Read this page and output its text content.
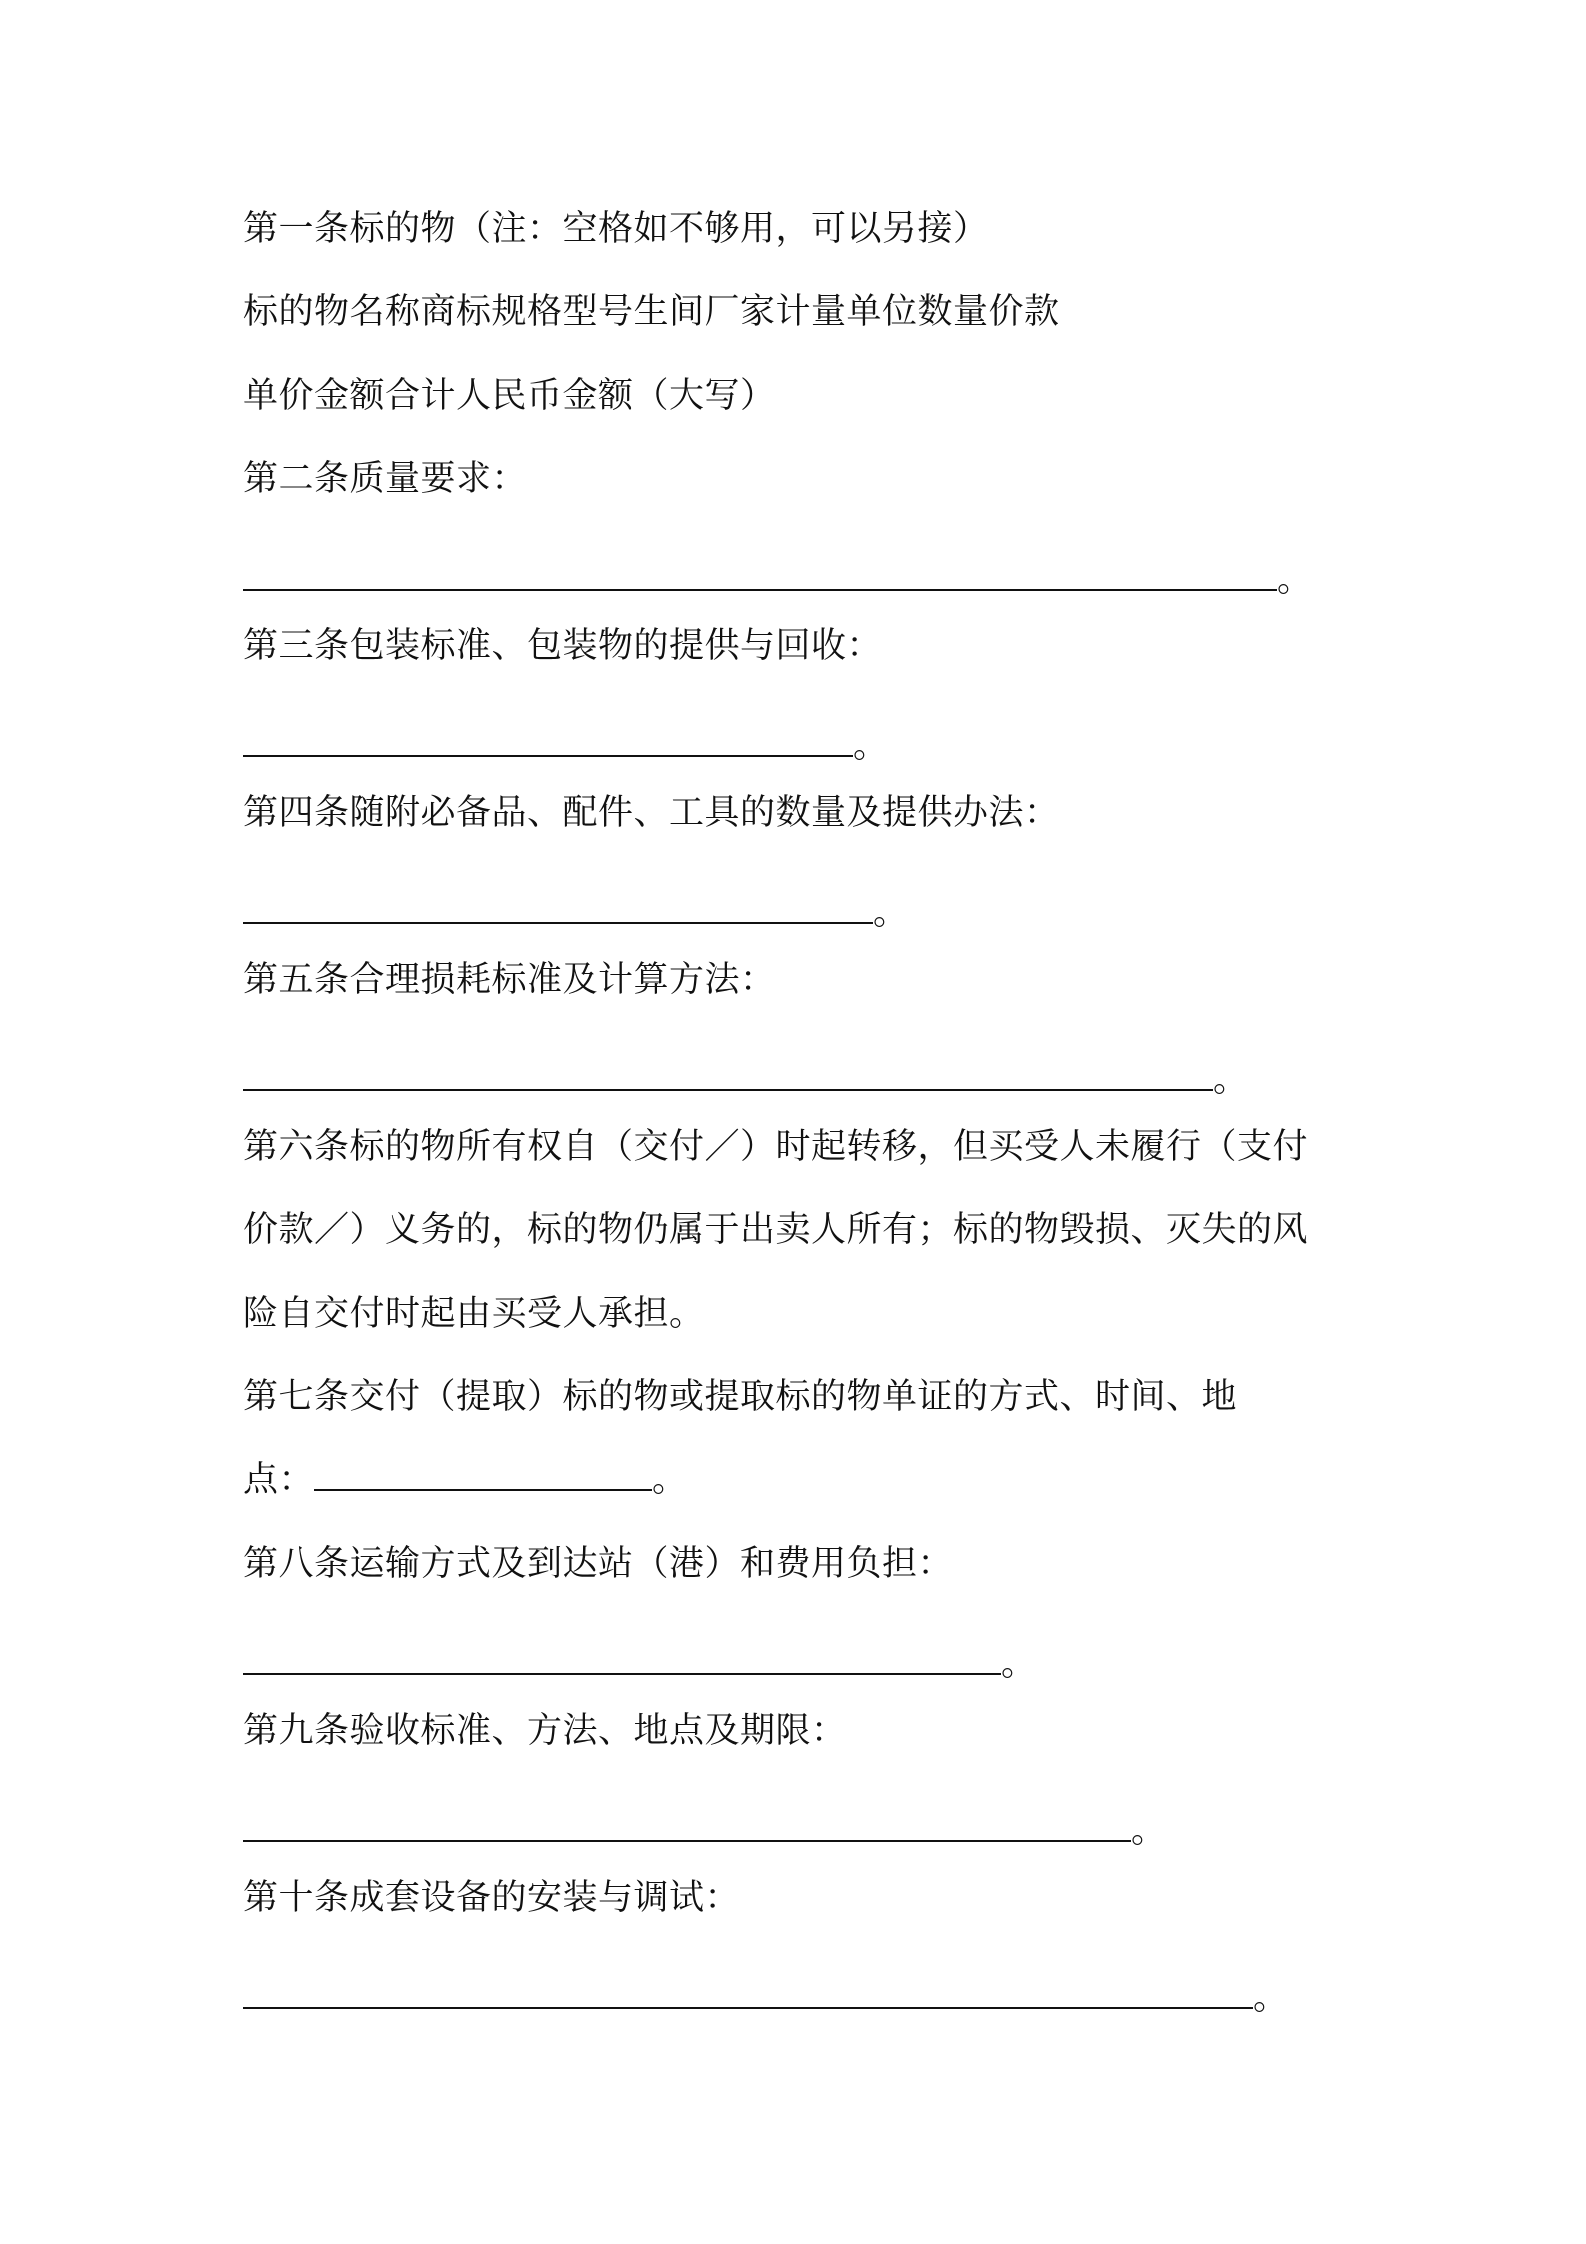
第一条标的物（注：空格如不够用，可以另接）
标的物名称商标规格型号生间厂家计量单位数量价款
单价金额合计人民币金额（大写）
第二条质量要求：
。
第三条包装标准、包装物的提供与回收：
。
第四条随附必备品、配件、工具的数量及提供办法：
。
第五条合理损耗标准及计算方法：
。
第六条标的物所有权自（交付／）时起转移，但买受人未履行（支付
价款／）义务的，标的物仍属于出卖人所有；标的物毁损、灭失的风
险自交付时起由买受人承担。
第七条交付（提取）标的物或提取标的物单证的方式、时间、地
点：	。
第八条运输方式及到达站（港）和费用负担：
。
第九条验收标准、方法、地点及期限：
。
第十条成套设备的安装与调试：
。
